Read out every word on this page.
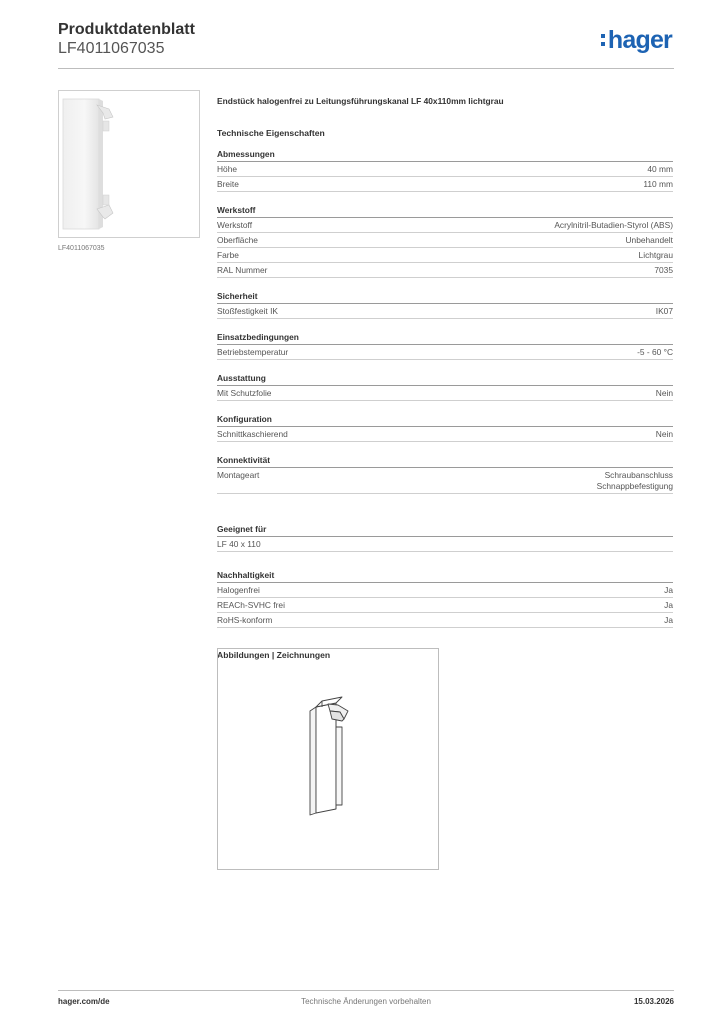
Produktdatenblatt
LF4011067035	hager
LF4011067035
Endstück halogenfrei zu Leitungsführungskanal LF 40x110mm lichtgrau
Technische Eigenschaften
Abmessungen
Höhe	40 mm
Breite	110 mm
Werkstoff
Werkstoff	Acrylnitril-Butadien-Styrol (ABS)
Oberfläche	Unbehandelt
Farbe	Lichtgrau
RAL Nummer	7035
Sicherheit
Stoßfestigkeit IK	IK07
Einsatzbedingungen
Betriebstemperatur	-5 - 60 °C
Ausstattung
Mit Schutzfolie	Nein
Konfiguration
Schnittkaschierend	Nein
Konnektivität
Montageart	Schraubanschluss
Schnappbefestigung
Geeignet für
LF 40 x 110
Nachhaltigkeit
Halogenfrei	Ja
REACh-SVHC frei	Ja
RoHS-konform	Ja
Abbildungen | Zeichnungen
hager.com/de	Technische Änderungen vorbehalten	15.03.2026
